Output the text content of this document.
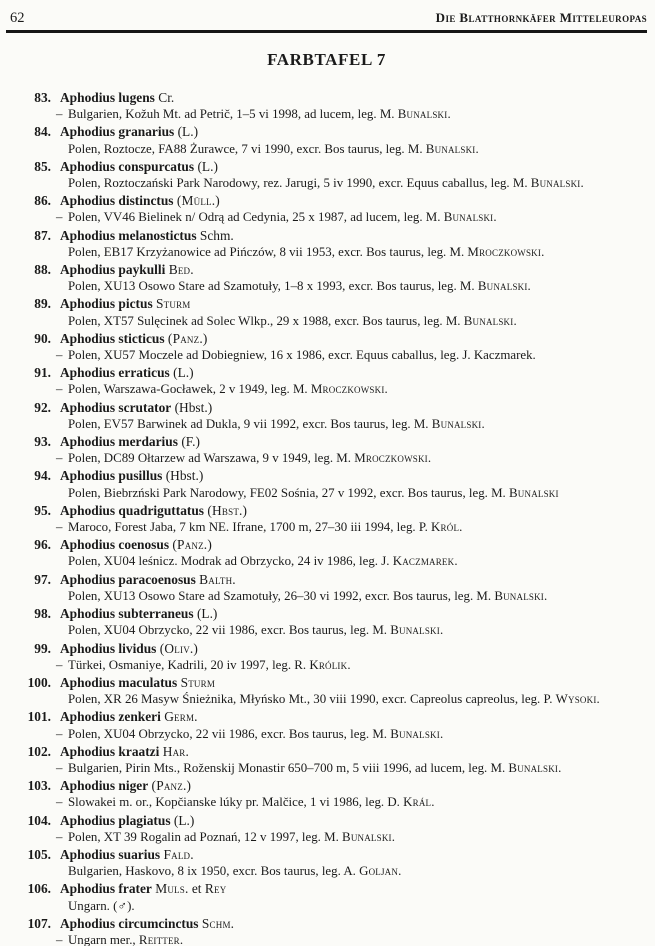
62	Die Blatthornkäfer Mitteleuropas
FARBTAFEL 7
83. Aphodius lugens Cr.
– Bulgarien, Kožuh Mt. ad Petrič, 1–5 vi 1998, ad lucem, leg. M. Bunalski.
84. Aphodius granarius (L.)
Polen, Roztocze, FA88 Żurawce, 7 vi 1990, excr. Bos taurus, leg. M. Bunalski.
85. Aphodius conspurcatus (L.)
Polen, Roztoczański Park Narodowy, rez. Jarugi, 5 iv 1990, excr. Equus caballus, leg. M. Bunalski.
86. Aphodius distinctus (Müll.)
– Polen, VV46 Bielinek n/ Odrą ad Cedynia, 25 x 1987, ad lucem, leg. M. Bunalski.
87. Aphodius melanostictus Schm.
Polen, EB17 Krzyżanowice ad Pińczów, 8 vii 1953, excr. Bos taurus, leg. M. Mroczkowski.
88. Aphodius paykulli Bed.
Polen, XU13 Osowo Stare ad Szamotuły, 1–8 x 1993, excr. Bos taurus, leg. M. Bunalski.
89. Aphodius pictus Sturm
Polen, XT57 Sulęcinek ad Solec Wlkp., 29 x 1988, excr. Bos taurus, leg. M. Bunalski.
90. Aphodius sticticus (Panz.)
– Polen, XU57 Moczele ad Dobiegniew, 16 x 1986, excr. Equus caballus, leg. J. Kaczmarek.
91. Aphodius erraticus (L.)
– Polen, Warszawa-Gocławek, 2 v 1949, leg. M. Mroczkowski.
92. Aphodius scrutator (Hbst.)
Polen, EV57 Barwinek ad Dukla, 9 vii 1992, excr. Bos taurus, leg. M. Bunalski.
93. Aphodius merdarius (F.)
– Polen, DC89 Ołtarzew ad Warszawa, 9 v 1949, leg. M. Mroczkowski.
94. Aphodius pusillus (Hbst.)
Polen, Biebrzński Park Narodowy, FE02 Sośnia, 27 v 1992, excr. Bos taurus, leg. M. Bunalski
95. Aphodius quadriguttatus (Hbst.)
– Maroco, Forest Jaba, 7 km NE. Ifrane, 1700 m, 27–30 iii 1994, leg. P. Król.
96. Aphodius coenosus (Panz.)
Polen, XU04 leśnicz. Modrak ad Obrzycko, 24 iv 1986, leg. J. Kaczmarek.
97. Aphodius paracoenosus Balth.
Polen, XU13 Osowo Stare ad Szamotuły, 26–30 vi 1992, excr. Bos taurus, leg. M. Bunalski.
98. Aphodius subterraneus (L.)
Polen, XU04 Obrzycko, 22 vii 1986, excr. Bos taurus, leg. M. Bunalski.
99. Aphodius lividus (Oliv.)
– Türkei, Osmaniye, Kadrili, 20 iv 1997, leg. R. Królik.
100. Aphodius maculatus Sturm
Polen, XR 26 Masyw Śnieżnika, Młyńsko Mt., 30 viii 1990, excr. Capreolus capreolus, leg. P. Wysoki.
101. Aphodius zenkeri Germ.
– Polen, XU04 Obrzycko, 22 vii 1986, excr. Bos taurus, leg. M. Bunalski.
102. Aphodius kraatzi Har.
– Bulgarien, Pirin Mts., Roženskij Monastir 650–700 m, 5 viii 1996, ad lucem, leg. M. Bunalski.
103. Aphodius niger (Panz.)
– Slowakei m. or., Kopčianske lúky pr. Malčice, 1 vi 1986, leg. D. Král.
104. Aphodius plagiatus (L.)
– Polen, XT 39 Rogalin ad Poznań, 12 v 1997, leg. M. Bunalski.
105. Aphodius suarius Fald.
Bulgarien, Haskovo, 8 ix 1950, excr. Bos taurus, leg. A. Goljan.
106. Aphodius frater Muls. et Rey
Ungarn. (♂).
107. Aphodius circumcinctus Schm.
– Ungarn mer., Reitter.
